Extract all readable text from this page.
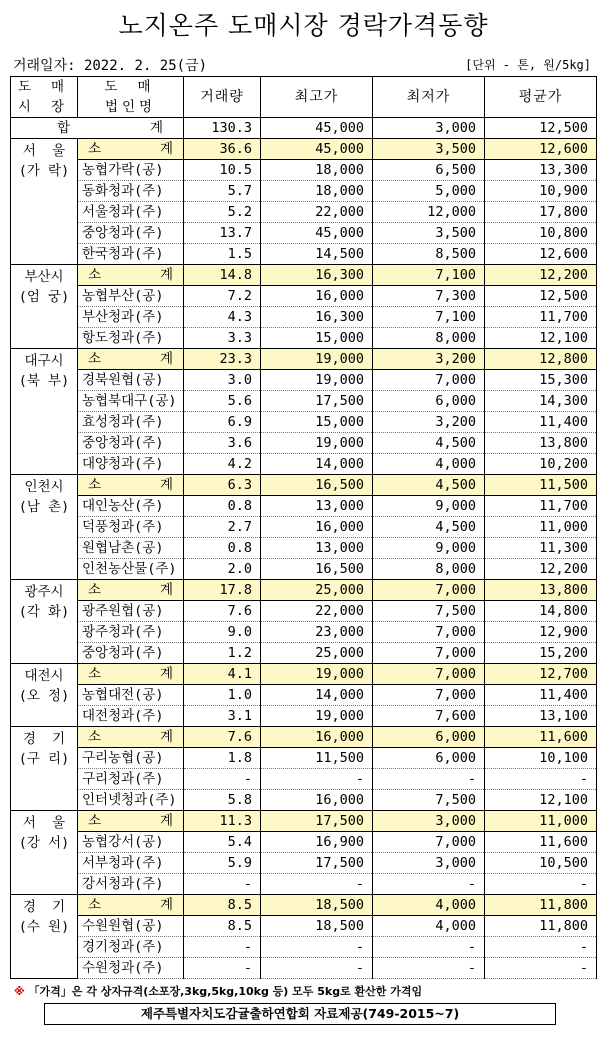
노지온주 도매시장 경락가격동향
거래일자: 2022. 2. 25(금)	[단위 - 톤, 원/5kg]
도 매
시 장	도 매
법인명	거래량	최고가	최저가	평균가

합 계		130.3	45,000	3,000	12,500

서  울
(가 락)	소 계	36.6	45,000	3,500	12,600
	농협가락(공)	10.5	18,000	6,500	13,300
	동화청과(주)	5.7	18,000	5,000	10,900
	서울청과(주)	5.2	22,000	12,000	17,800
	중앙청과(주)	13.7	45,000	3,500	10,800
	한국청과(주)	1.5	14,500	8,500	12,600

부산시
(엄 궁)	소 계	14.8	16,300	7,100	12,200
	농협부산(공)	7.2	16,000	7,300	12,500
	부산청과(주)	4.3	16,300	7,100	11,700
	항도청과(주)	3.3	15,000	8,000	12,100

대구시
(북 부)	소 계	23.3	19,000	3,200	12,800
	경북원협(공)	3.0	19,000	7,000	15,300
	농협북대구(공)	5.6	17,500	6,000	14,300
	효성청과(주)	6.9	15,000	3,200	11,400
	중앙청과(주)	3.6	19,000	4,500	13,800
	대양청과(주)	4.2	14,000	4,000	10,200

인천시
(남 촌)	소 계	6.3	16,500	4,500	11,500
	대인농산(주)	0.8	13,000	9,000	11,700
	덕풍청과(주)	2.7	16,000	4,500	11,000
	원협남촌(공)	0.8	13,000	9,000	11,300
	인천농산물(주)	2.0	16,500	8,000	12,200

광주시
(각 화)	소 계	17.8	25,000	7,000	13,800
	광주원협(공)	7.6	22,000	7,500	14,800
	광주청과(주)	9.0	23,000	7,000	12,900
	중앙청과(주)	1.2	25,000	7,000	15,200

대전시
(오 정)	소 계	4.1	19,000	7,000	12,700
	농협대전(공)	1.0	14,000	7,000	11,400
	대전청과(주)	3.1	19,000	7,600	13,100

경  기
(구 리)	소 계	7.6	16,000	6,000	11,600
	구리농협(공)	1.8	11,500	6,000	10,100
	구리청과(주)	-	-	-	-
	인터넷청과(주)	5.8	16,000	7,500	12,100

서  울
(강 서)	소 계	11.3	17,500	3,000	11,000
	농협강서(공)	5.4	16,900	7,000	11,600
	서부청과(주)	5.9	17,500	3,000	10,500
	강서청과(주)	-	-	-	-

경  기
(수 원)	소 계	8.5	18,500	4,000	11,800
	수원원협(공)	8.5	18,500	4,000	11,800
	경기청과(주)	-	-	-	-
	수원청과(주)	-	-	-	-
※ 「가격」은 각 상자규격(소포장,3kg,5kg,10kg 등) 모두 5kg로 환산한 가격임
제주특별자치도감귤출하연합회 자료제공(749-2015~7)
